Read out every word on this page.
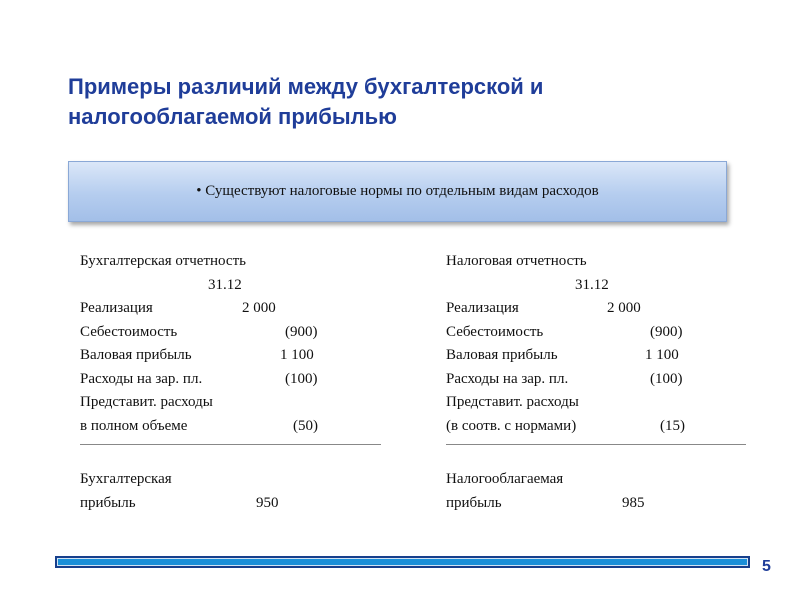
Примеры различий между бухгалтерской и
налогооблагаемой прибылью
• Существуют налоговые нормы по отдельным видам расходов
Бухгалтерская отчетность
31.12
Реализация	2 000
Себестоимость	(900)
Валовая прибыль	1 100
Расходы на зар. пл.	(100)
Представит. расходы
в полном объеме	(50)
Налоговая отчетность
31.12
Реализация	2 000
Себестоимость	(900)
Валовая прибыль	1 100
Расходы на зар. пл.	(100)
Представит. расходы
(в соотв. с нормами)	(15)
Бухгалтерская
прибыль	950
Налогооблагаемая
прибыль	985
5
